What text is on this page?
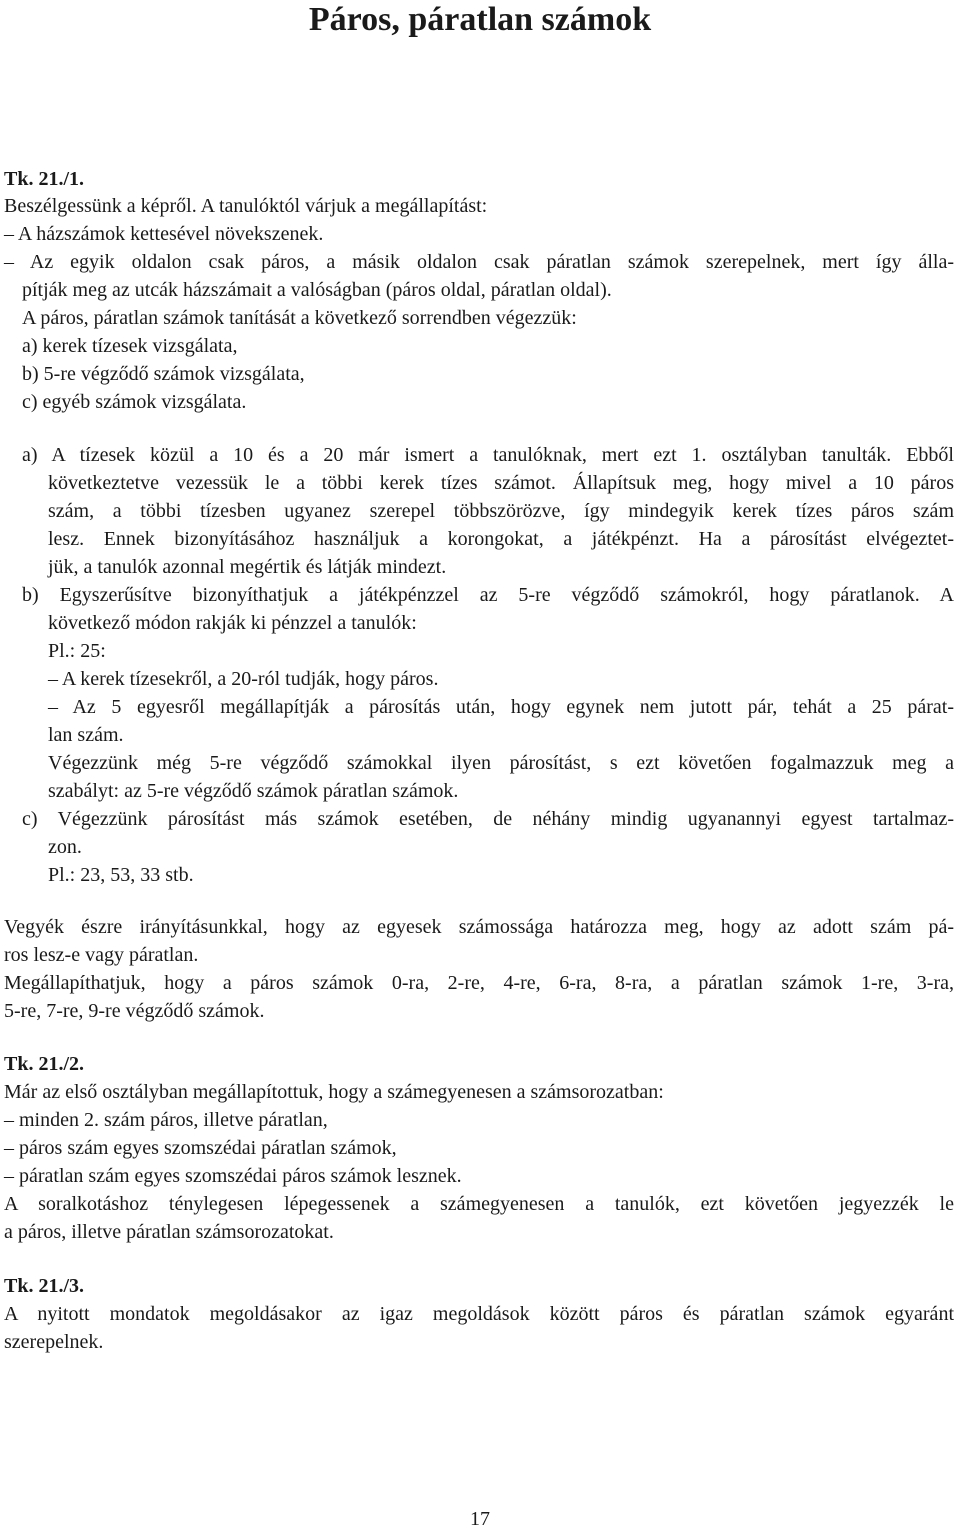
Páros, páratlan számok
Tk. 21./1.
Beszélgessünk a képről. A tanulóktól várjuk a megállapítást:
– A házszámok kettesével növekszenek.
– Az egyik oldalon csak páros, a másik oldalon csak páratlan számok szerepelnek, mert így álla-
pítják meg az utcák házszámait a valóságban (páros oldal, páratlan oldal).
A páros, páratlan számok tanítását a következő sorrendben végezzük:
a) kerek tízesek vizsgálata,
b) 5-re végződő számok vizsgálata,
c) egyéb számok vizsgálata.
a) A tízesek közül a 10 és a 20 már ismert a tanulóknak, mert ezt 1. osztályban tanulták. Ebből
következtetve vezessük le a többi kerek tízes számot. Állapítsuk meg, hogy mivel a 10 páros
szám, a többi tízesben ugyanez szerepel többszörözve, így mindegyik kerek tízes páros szám
lesz. Ennek bizonyításához használjuk a korongokat, a játékpénzt. Ha a párosítást elvégeztet-
jük, a tanulók azonnal megértik és látják mindezt.
b) Egyszerűsítve bizonyíthatjuk a játékpénzzel az 5-re végződő számokról, hogy páratlanok. A
következő módon rakják ki pénzzel a tanulók:
Pl.: 25:
– A kerek tízesekről, a 20-ról tudják, hogy páros.
– Az 5 egyesről megállapítják a párosítás után, hogy egynek nem jutott pár, tehát a 25 párat-
lan szám.
Végezzünk még 5-re végződő számokkal ilyen párosítást, s ezt követően fogalmazzuk meg a
szabályt: az 5-re végződő számok páratlan számok.
c) Végezzünk párosítást más számok esetében, de néhány mindig ugyanannyi egyest tartalmaz-
zon.
Pl.: 23, 53, 33 stb.
Vegyék észre irányításunkkal, hogy az egyesek számossága határozza meg, hogy az adott szám pá-
ros lesz-e vagy páratlan.
Megállapíthatjuk, hogy a páros számok 0-ra, 2-re, 4-re, 6-ra, 8-ra, a páratlan számok 1-re, 3-ra,
5-re, 7-re, 9-re végződő számok.
Tk. 21./2.
Már az első osztályban megállapítottuk, hogy a számegyenesen a számsorozatban:
– minden 2. szám páros, illetve páratlan,
– páros szám egyes szomszédai páratlan számok,
– páratlan szám egyes szomszédai páros számok lesznek.
A soralkotáshoz ténylegesen lépegessenek a számegyenesen a tanulók, ezt követően jegyezzék le
a páros, illetve páratlan számsorozatokat.
Tk. 21./3.
A nyitott mondatok megoldásakor az igaz megoldások között páros és páratlan számok egyaránt
szerepelnek.
17
